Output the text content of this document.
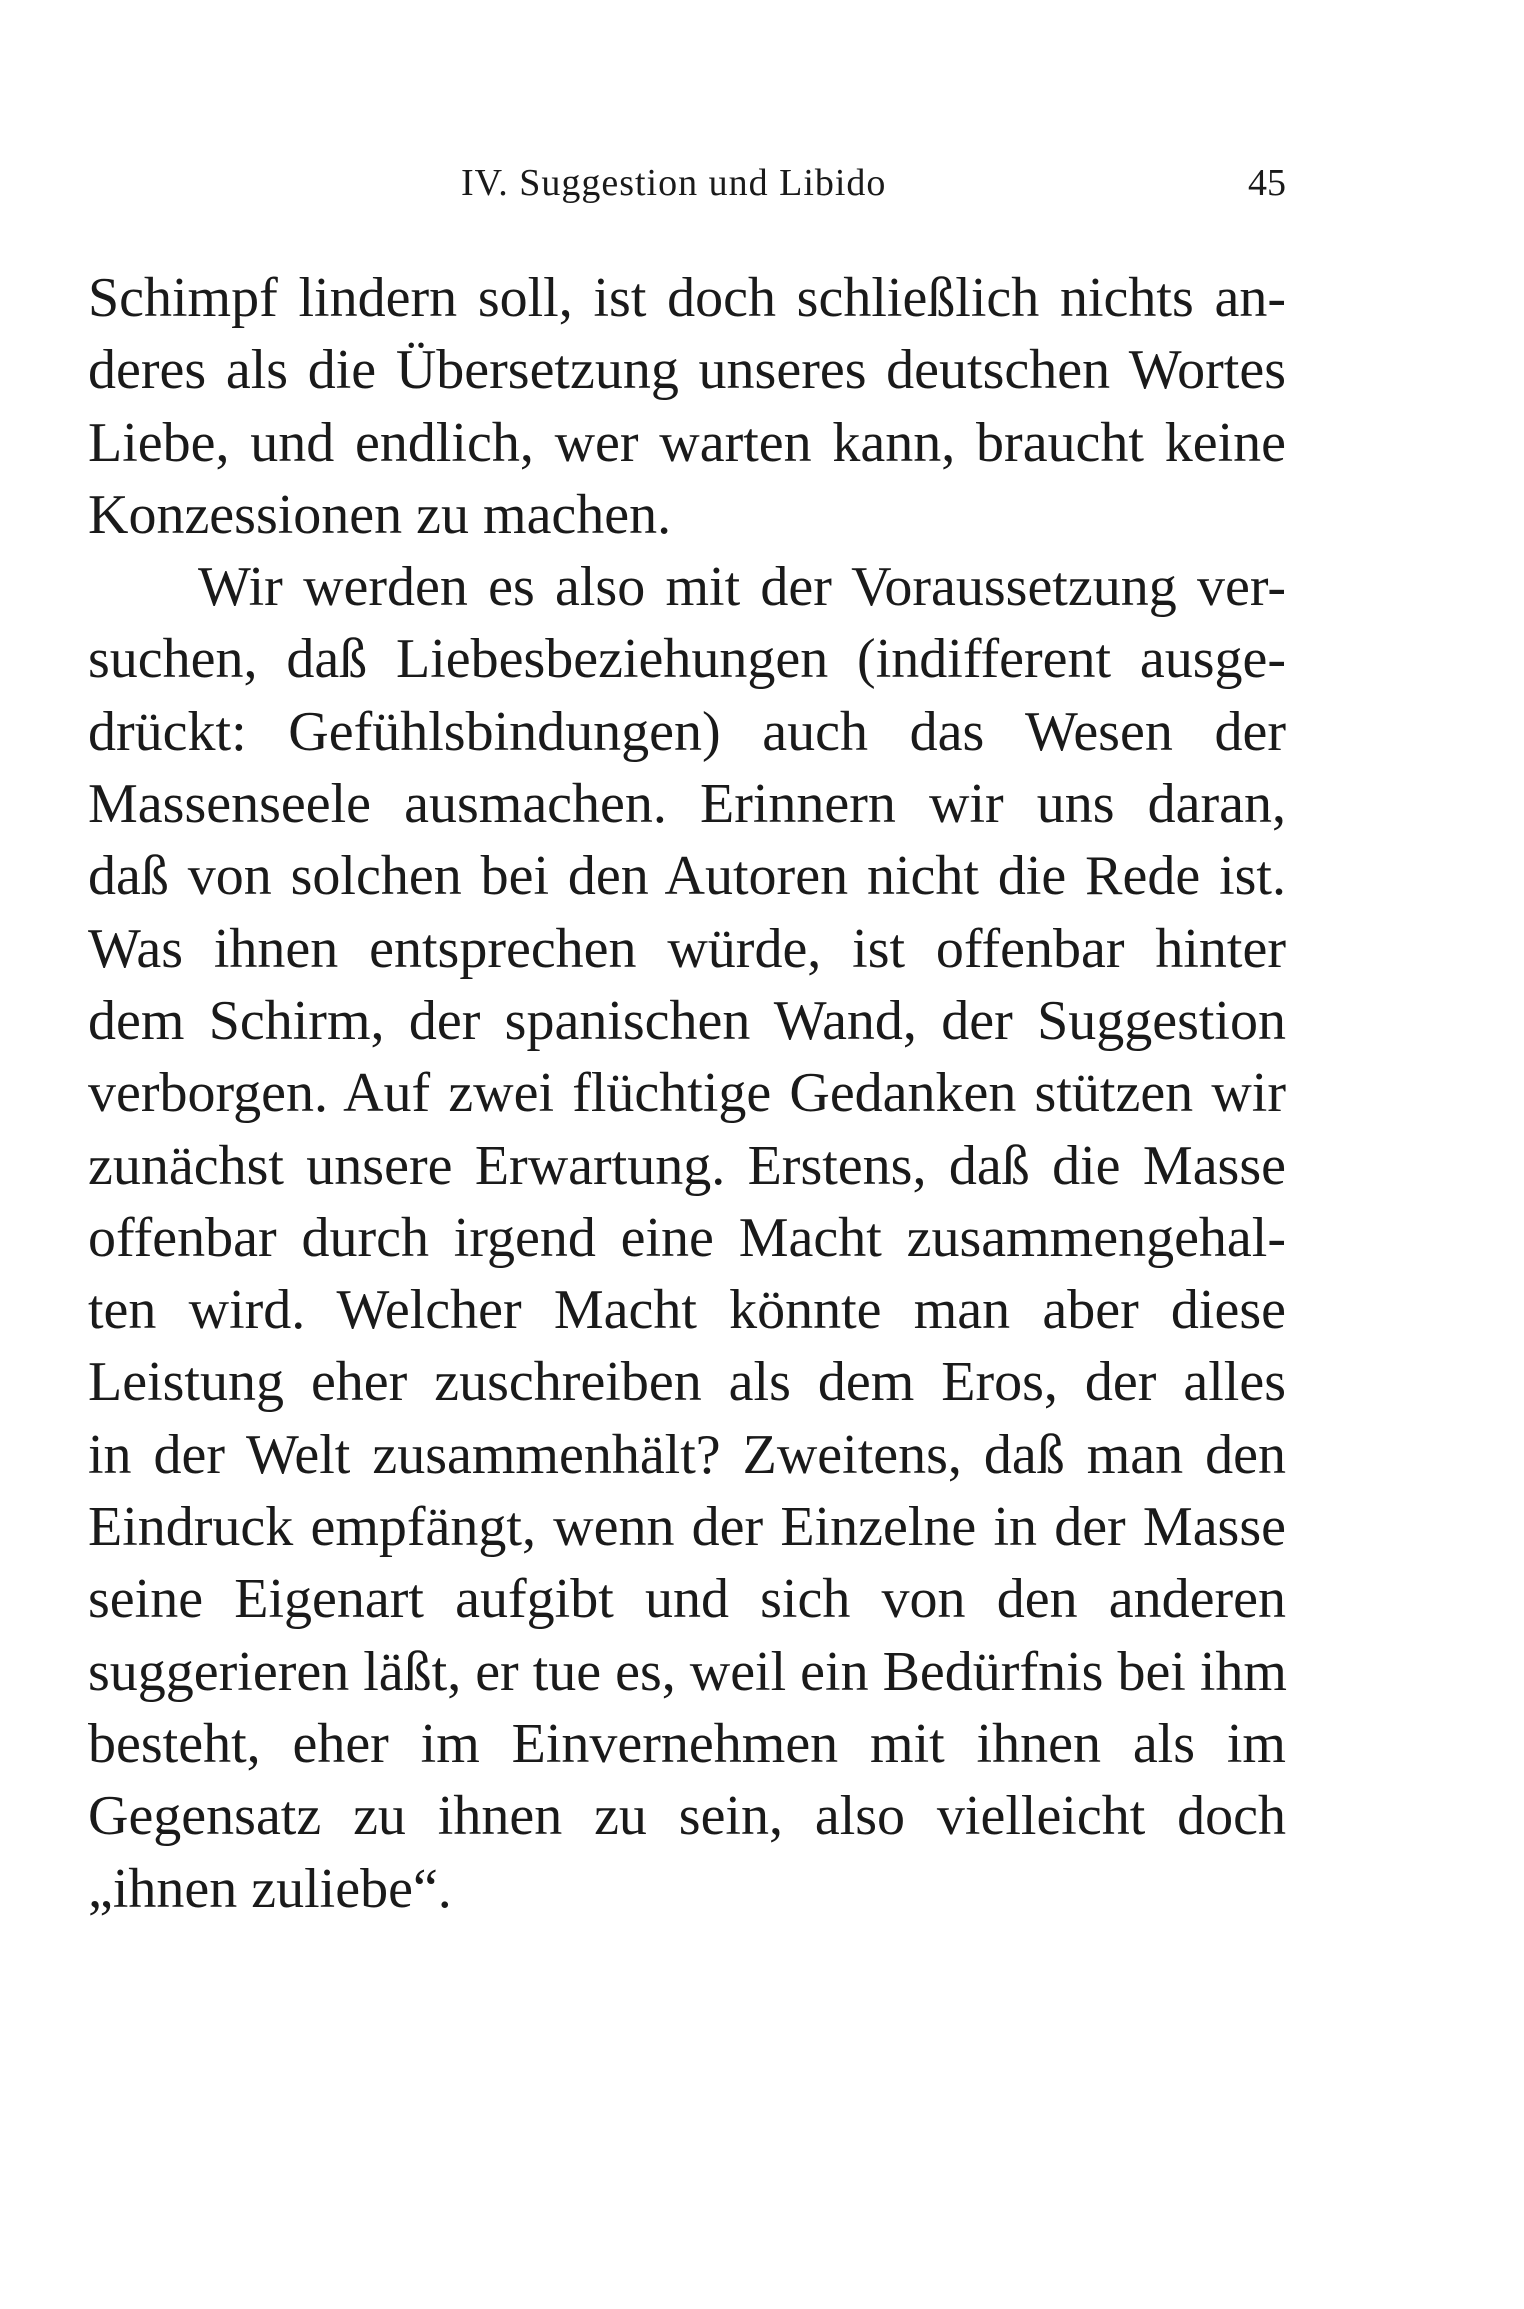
IV. Suggestion und Libido	45
Schimpf lindern soll, ist doch schließlich nichts an-
deres als die Übersetzung unseres deutschen Wortes
Liebe, und endlich, wer warten kann, braucht keine
Konzessionen zu machen.
Wir werden es also mit der Voraussetzung ver-
suchen, daß Liebesbeziehungen (indifferent ausge-
drückt: Gefühlsbindungen) auch das Wesen der
Massenseele ausmachen. Erinnern wir uns daran,
daß von solchen bei den Autoren nicht die Rede ist.
Was ihnen entsprechen würde, ist offenbar hinter
dem Schirm, der spanischen Wand, der Suggestion
verborgen. Auf zwei flüchtige Gedanken stützen wir
zunächst unsere Erwartung. Erstens, daß die Masse
offenbar durch irgend eine Macht zusammengehal-
ten wird. Welcher Macht könnte man aber diese
Leistung eher zuschreiben als dem Eros, der alles
in der Welt zusammenhält? Zweitens, daß man den
Eindruck empfängt, wenn der Einzelne in der Masse
seine Eigenart aufgibt und sich von den anderen
suggerieren läßt, er tue es, weil ein Bedürfnis bei ihm
besteht, eher im Einvernehmen mit ihnen als im
Gegensatz zu ihnen zu sein, also vielleicht doch
„ihnen zuliebe“.
